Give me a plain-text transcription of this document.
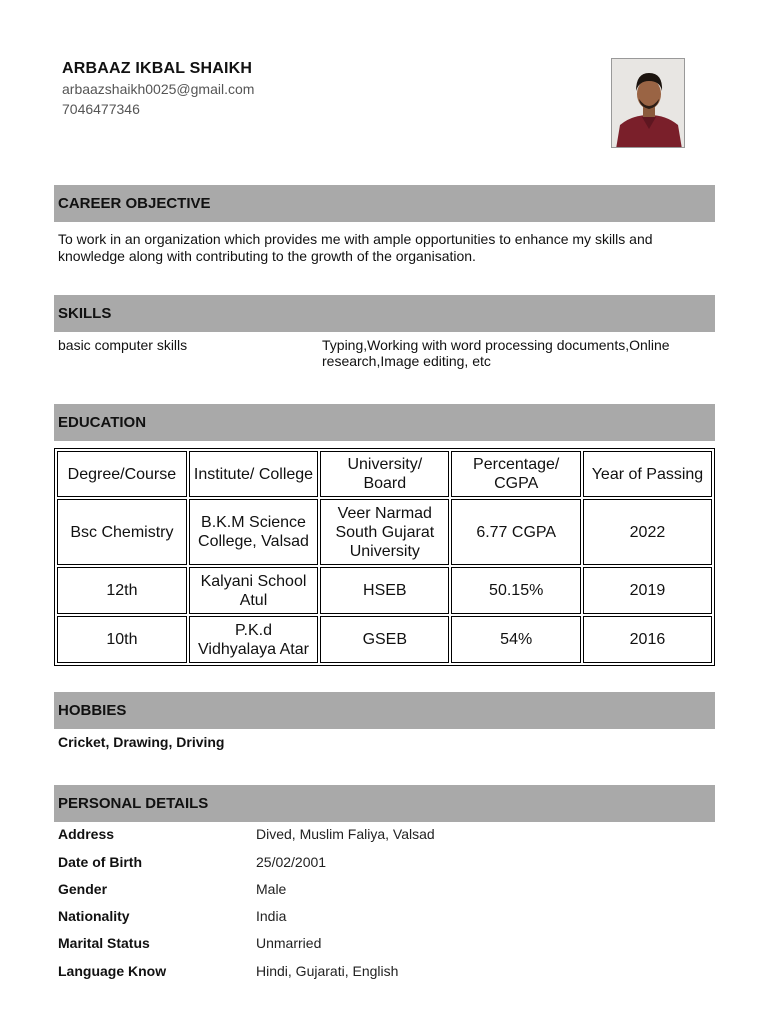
ARBAAZ IKBAL SHAIKH
arbaazshaikh0025@gmail.com
7046477346
CAREER OBJECTIVE
To work in an organization which provides me with ample opportunities to enhance my skills and knowledge along with contributing to the growth of the organisation.
SKILLS
basic computer skills	Typing,Working with word processing documents,Online research,Image editing, etc
EDUCATION
Degree/Course	Institute/ College	University/ Board	Percentage/ CGPA	Year of Passing
Bsc Chemistry	B.K.M Science College, Valsad	Veer Narmad South Gujarat University	6.77 CGPA	2022
12th	Kalyani School Atul	HSEB	50.15%	2019
10th	P.K.d Vidhyalaya Atar	GSEB	54%	2016
HOBBIES
Cricket, Drawing, Driving
PERSONAL DETAILS
Address	Dived, Muslim Faliya, Valsad
Date of Birth	25/02/2001
Gender	Male
Nationality	India
Marital Status	Unmarried
Language Know	Hindi, Gujarati, English
